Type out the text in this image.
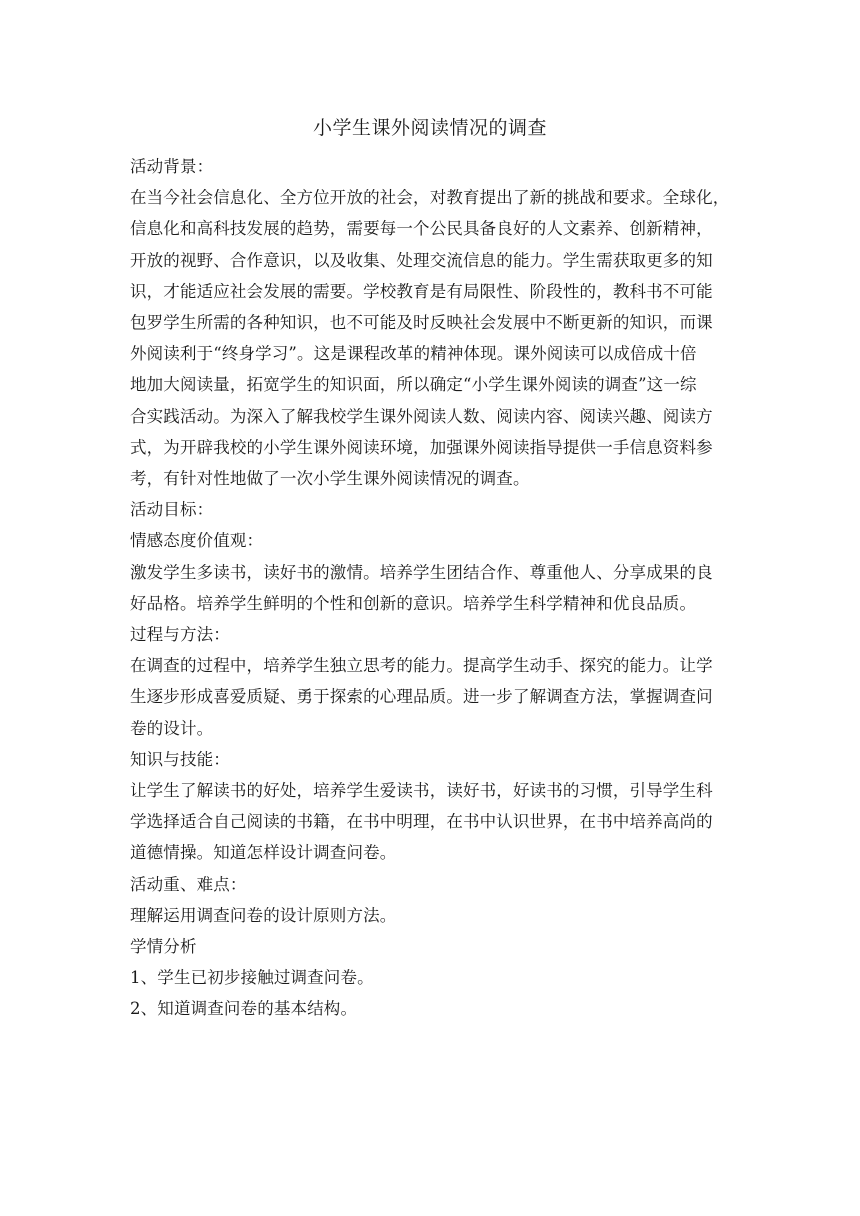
小学生课外阅读情况的调查

活动背景：

在当今社会信息化、全方位开放的社会，对教育提出了新的挑战和要求。全球化，
信息化和高科技发展的趋势，需要每一个公民具备良好的人文素养、创新精神，
开放的视野、合作意识，以及收集、处理交流信息的能力。学生需获取更多的知
识，才能适应社会发展的需要。学校教育是有局限性、阶段性的，教科书不可能
包罗学生所需的各种知识，也不可能及时反映社会发展中不断更新的知识，而课
外阅读利于“终身学习”。这是课程改革的精神体现。课外阅读可以成倍成十倍
地加大阅读量，拓宽学生的知识面，所以确定“小学生课外阅读的调查”这一综
合实践活动。为深入了解我校学生课外阅读人数、阅读内容、阅读兴趣、阅读方
式，为开辟我校的小学生课外阅读环境，加强课外阅读指导提供一手信息资料参
考，有针对性地做了一次小学生课外阅读情况的调查。

活动目标：

情感态度价值观：

激发学生多读书，读好书的激情。培养学生团结合作、尊重他人、分享成果的良
好品格。培养学生鲜明的个性和创新的意识。培养学生科学精神和优良品质。

过程与方法：

在调查的过程中，培养学生独立思考的能力。提高学生动手、探究的能力。让学
生逐步形成喜爱质疑、勇于探索的心理品质。进一步了解调查方法，掌握调查问
卷的设计。

知识与技能：

让学生了解读书的好处，培养学生爱读书，读好书，好读书的习惯，引导学生科
学选择适合自己阅读的书籍，在书中明理，在书中认识世界，在书中培养高尚的
道德情操。知道怎样设计调查问卷。

活动重、难点：

理解运用调查问卷的设计原则方法。

学情分析

1、学生已初步接触过调查问卷。

2、知道调查问卷的基本结构。
